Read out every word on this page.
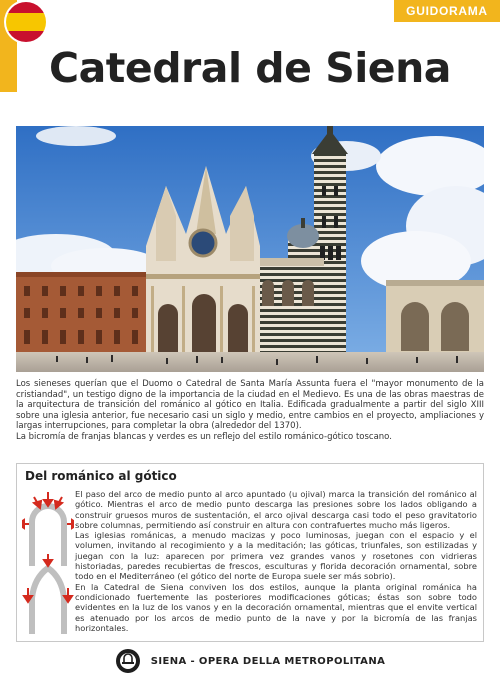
GUIDORAMA
Catedral de Siena

Los sieneses querían que el Duomo o Catedral de Santa María Assunta fuera el "mayor monumento de la cristiandad", un testigo digno de la importancia de la ciudad en el Medievo. Es una de las obras maestras de la arquitectura de transición del románico al gótico en Italia. Edificada gradualmente a partir del siglo XIII sobre una iglesia anterior, fue necesario casi un siglo y medio, entre cambios en el proyecto, ampliaciones y largas interrupciones, para completar la obra (alrededor del 1370).

La bicromía de franjas blancas y verdes es un reflejo del estilo románico-gótico toscano.

Del románico al gótico

El paso del arco de medio punto al arco apuntado (u ojival) marca la transición del románico al gótico. Mientras el arco de medio punto descarga las presiones sobre los lados obligando a construir gruesos muros de sustentación, el arco ojival descarga casi todo el peso gravitatorio sobre columnas, permitiendo así construir en altura con contrafuertes mucho más ligeros.

Las iglesias románicas, a menudo macizas y poco luminosas, juegan con el espacio y el volumen, invitando al recogimiento y a la meditación; las góticas, triunfales, son estilizadas y juegan con la luz: aparecen por primera vez grandes vanos y rosetones con vidrieras historiadas, paredes recubiertas de frescos, esculturas y florida decoración ornamental, sobre todo en el Mediterráneo (el gótico del norte de Europa suele ser más sobrio).

En la Catedral de Siena conviven los dos estilos, aunque la planta original románica ha condicionado fuertemente las posteriores modificaciones góticas; éstas son sobre todo evidentes en la luz de los vanos y en la decoración ornamental, mientras que el envite vertical es atenuado por los arcos de medio punto de la nave y por la bicromía de las franjas horizontales.

SIENA - OPERA DELLA METROPOLITANA
